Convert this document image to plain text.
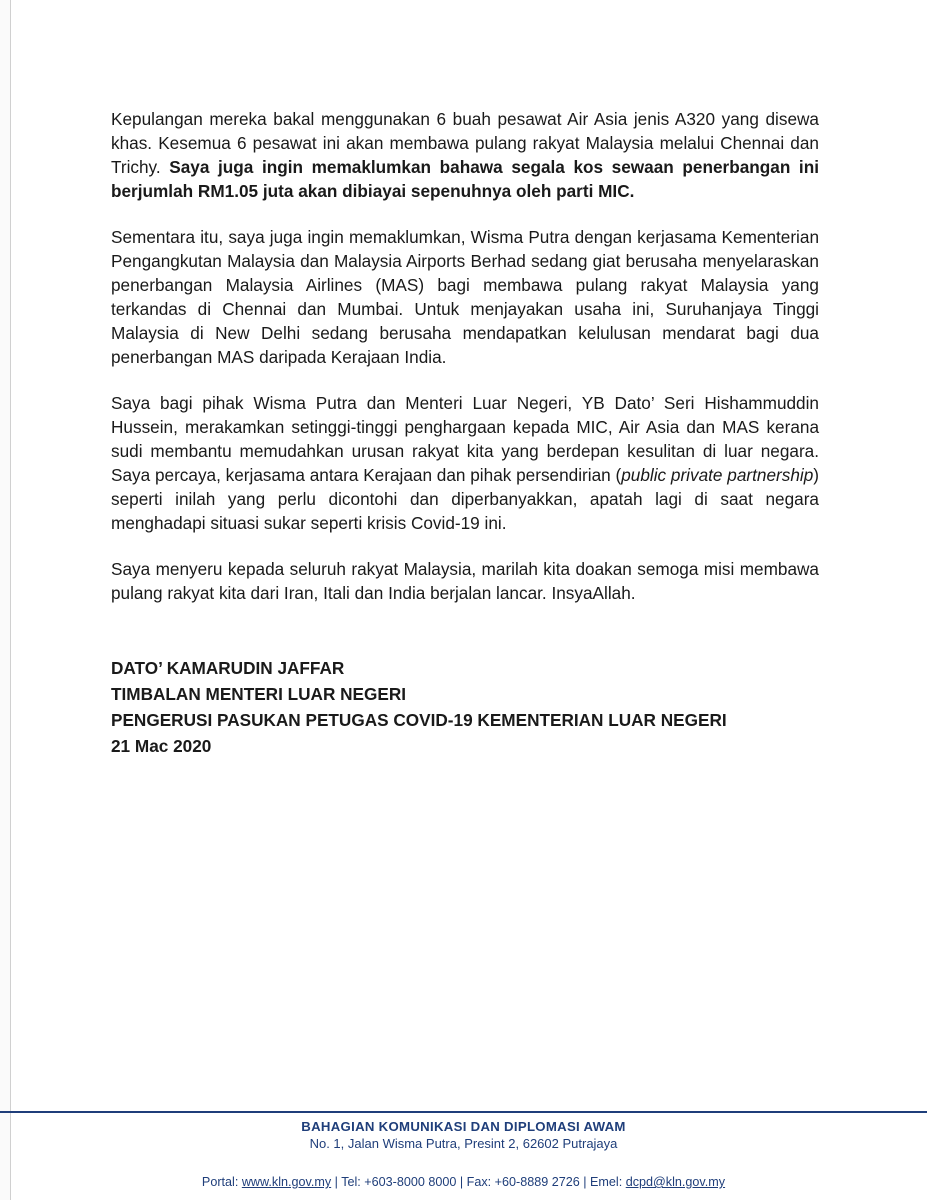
Kepulangan mereka bakal menggunakan 6 buah pesawat Air Asia jenis A320 yang disewa khas. Kesemua 6 pesawat ini akan membawa pulang rakyat Malaysia melalui Chennai dan Trichy. Saya juga ingin memaklumkan bahawa segala kos sewaan penerbangan ini berjumlah RM1.05 juta akan dibiayai sepenuhnya oleh parti MIC.

Sementara itu, saya juga ingin memaklumkan, Wisma Putra dengan kerjasama Kementerian Pengangkutan Malaysia dan Malaysia Airports Berhad sedang giat berusaha menyelaraskan penerbangan Malaysia Airlines (MAS) bagi membawa pulang rakyat Malaysia yang terkandas di Chennai dan Mumbai. Untuk menjayakan usaha ini, Suruhanjaya Tinggi Malaysia di New Delhi sedang berusaha mendapatkan kelulusan mendarat bagi dua penerbangan MAS daripada Kerajaan India.

Saya bagi pihak Wisma Putra dan Menteri Luar Negeri, YB Dato’ Seri Hishammuddin Hussein, merakamkan setinggi-tinggi penghargaan kepada MIC, Air Asia dan MAS kerana sudi membantu memudahkan urusan rakyat kita yang berdepan kesulitan di luar negara. Saya percaya, kerjasama antara Kerajaan dan pihak persendirian (public private partnership) seperti inilah yang perlu dicontohi dan diperbanyakkan, apatah lagi di saat negara menghadapi situasi sukar seperti krisis Covid-19 ini.

Saya menyeru kepada seluruh rakyat Malaysia, marilah kita doakan semoga misi membawa pulang rakyat kita dari Iran, Itali dan India berjalan lancar. InsyaAllah.

DATO’ KAMARUDIN JAFFAR
TIMBALAN MENTERI LUAR NEGERI
PENGERUSI PASUKAN PETUGAS COVID-19 KEMENTERIAN LUAR NEGERI
21 Mac 2020
BAHAGIAN KOMUNIKASI DAN DIPLOMASI AWAM
No. 1, Jalan Wisma Putra, Presint 2, 62602 Putrajaya
Portal: www.kln.gov.my | Tel: +603-8000 8000 | Fax: +60-8889 2726 | Emel: dcpd@kln.gov.my
